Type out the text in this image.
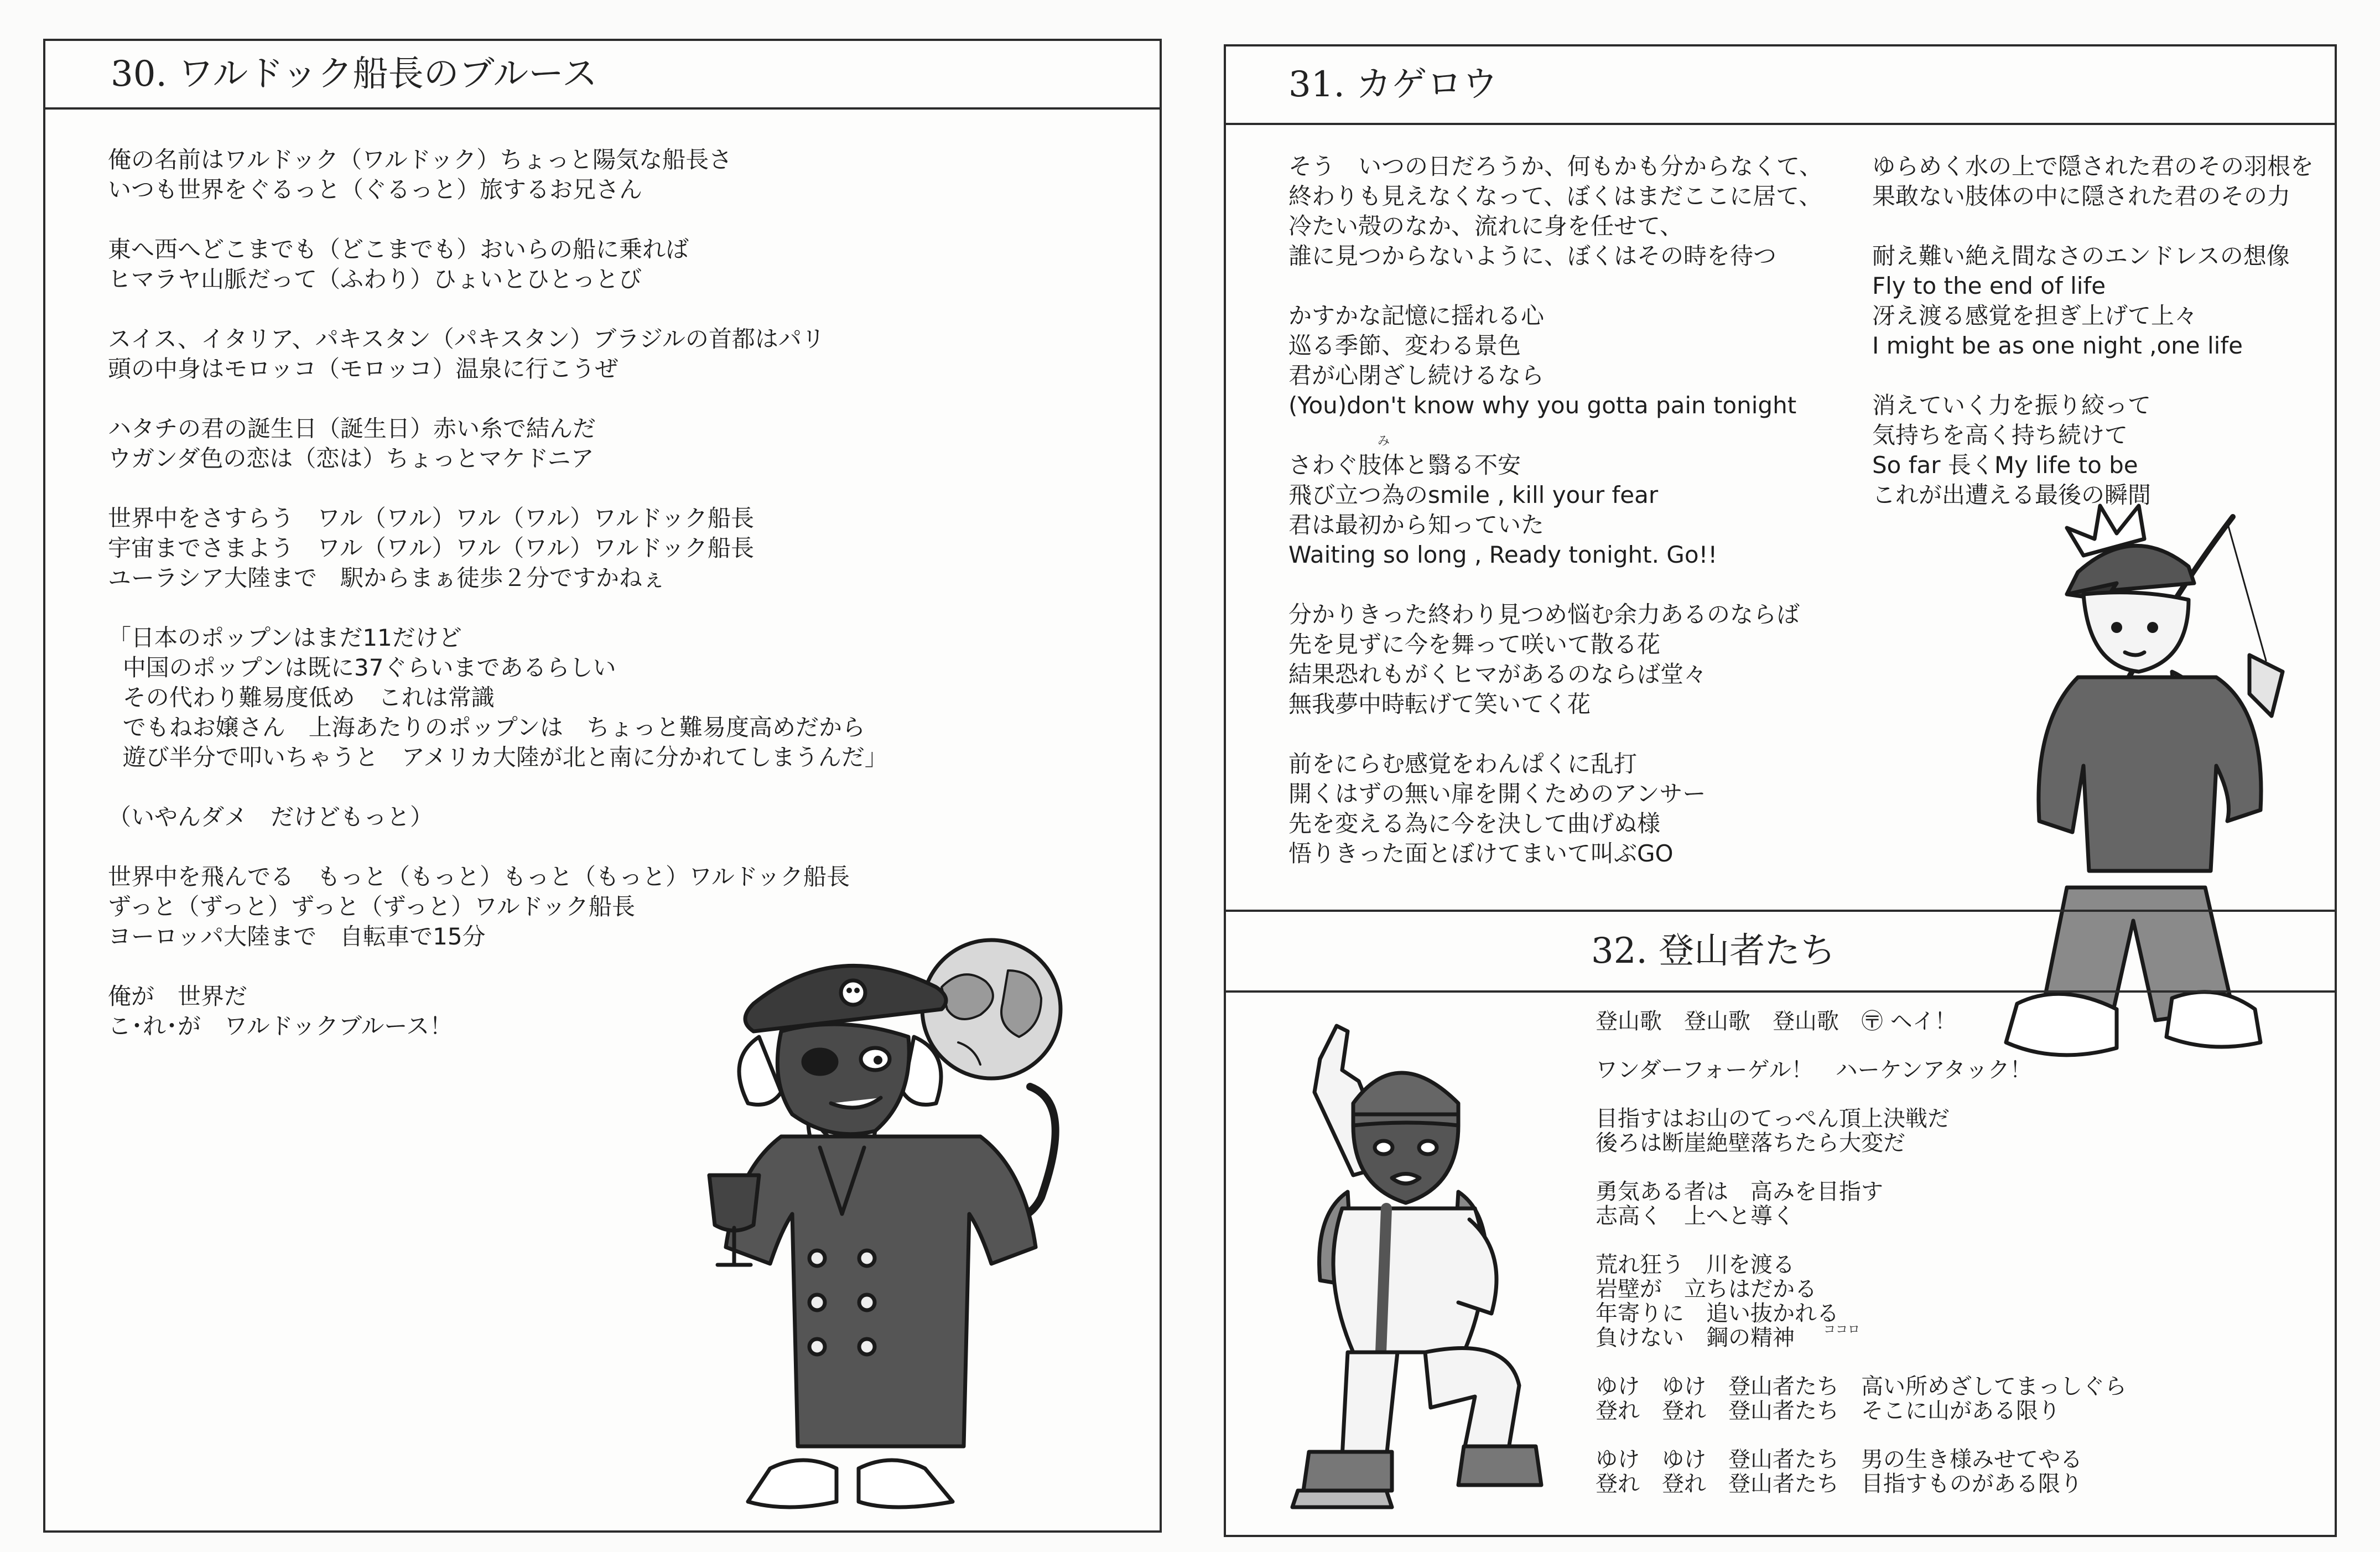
30. ワルドック船長のブルース
俺の名前はワルドック（ワルドック）ちょっと陽気な船長さ
いつも世界をぐるっと（ぐるっと）旅するお兄さん
東へ西へどこまでも（どこまでも）おいらの船に乗れば
ヒマラヤ山脈だって（ふわり）ひょいとひとっとび
スイス、イタリア、パキスタン（パキスタン）ブラジルの首都はパリ
頭の中身はモロッコ（モロッコ）温泉に行こうぜ
ハタチの君の誕生日（誕生日）赤い糸で結んだ
ウガンダ色の恋は（恋は）ちょっとマケドニア
世界中をさすらう　ワル（ワル）ワル（ワル）ワルドック船長
宇宙までさまよう　ワル（ワル）ワル（ワル）ワルドック船長
ユーラシア大陸まで　駅からまぁ徒歩２分ですかねぇ
「日本のポップンはまだ11だけど
中国のポップンは既に37ぐらいまであるらしい
その代わり難易度低め　これは常識
でもねお嬢さん　上海あたりのポップンは　ちょっと難易度高めだから
遊び半分で叩いちゃうと　アメリカ大陸が北と南に分かれてしまうんだ」
（いやんダメ　だけどもっと）
世界中を飛んでる　もっと（もっと）もっと（もっと）ワルドック船長
ずっと（ずっと）ずっと（ずっと）ワルドック船長
ヨーロッパ大陸まで　自転車で15分
俺が　世界だ
こ･れ･が　ワルドックブルース！
31. カゲロウ
そう　いつの日だろうか、何もかも分からなくて、
終わりも見えなくなって、ぼくはまだここに居て、
冷たい殻のなか、流れに身を任せて、
誰に見つからないように、ぼくはその時を待つ
かすかな記憶に揺れる心
巡る季節、変わる景色
君が心閉ざし続けるなら
(You)don't know why you gotta pain tonight
さわぐ肢体と翳る不安
飛び立つ為のsmile , kill your fear
君は最初から知っていた
Waiting so long , Ready tonight. Go!!
分かりきった終わり見つめ悩む余力あるのならば
先を見ずに今を舞って咲いて散る花
結果恐れもがくヒマがあるのならば堂々
無我夢中時転げて笑いてく花
前をにらむ感覚をわんぱくに乱打
開くはずの無い扉を開くためのアンサー
先を変える為に今を決して曲げぬ様
悟りきった面とぼけてまいて叫ぶGO
ゆらめく水の上で隠された君のその羽根を
果敢ない肢体の中に隠された君のその力
耐え難い絶え間なさのエンドレスの想像
Fly to the end of life
冴え渡る感覚を担ぎ上げて上々
I might be as one night ,one life
消えていく力を振り絞って
気持ちを高く持ち続けて
So far 長くMy life to be
これが出遭える最後の瞬間
み
32. 登山者たち
登山歌　登山歌　登山歌　〶 ヘイ！
ワンダーフォーゲル！　ハーケンアタック！
目指すはお山のてっぺん頂上決戦だ
後ろは断崖絶壁落ちたら大変だ
勇気ある者は　高みを目指す
志高く　上へと導く
荒れ狂う　川を渡る
岩壁が　立ちはだかる
年寄りに　追い抜かれる
負けない　鋼の精神
ゆけ　ゆけ　登山者たち　高い所めざしてまっしぐら
登れ　登れ　登山者たち　そこに山がある限り
ゆけ　ゆけ　登山者たち　男の生き様みせてやる
登れ　登れ　登山者たち　目指すものがある限り
ココロ
